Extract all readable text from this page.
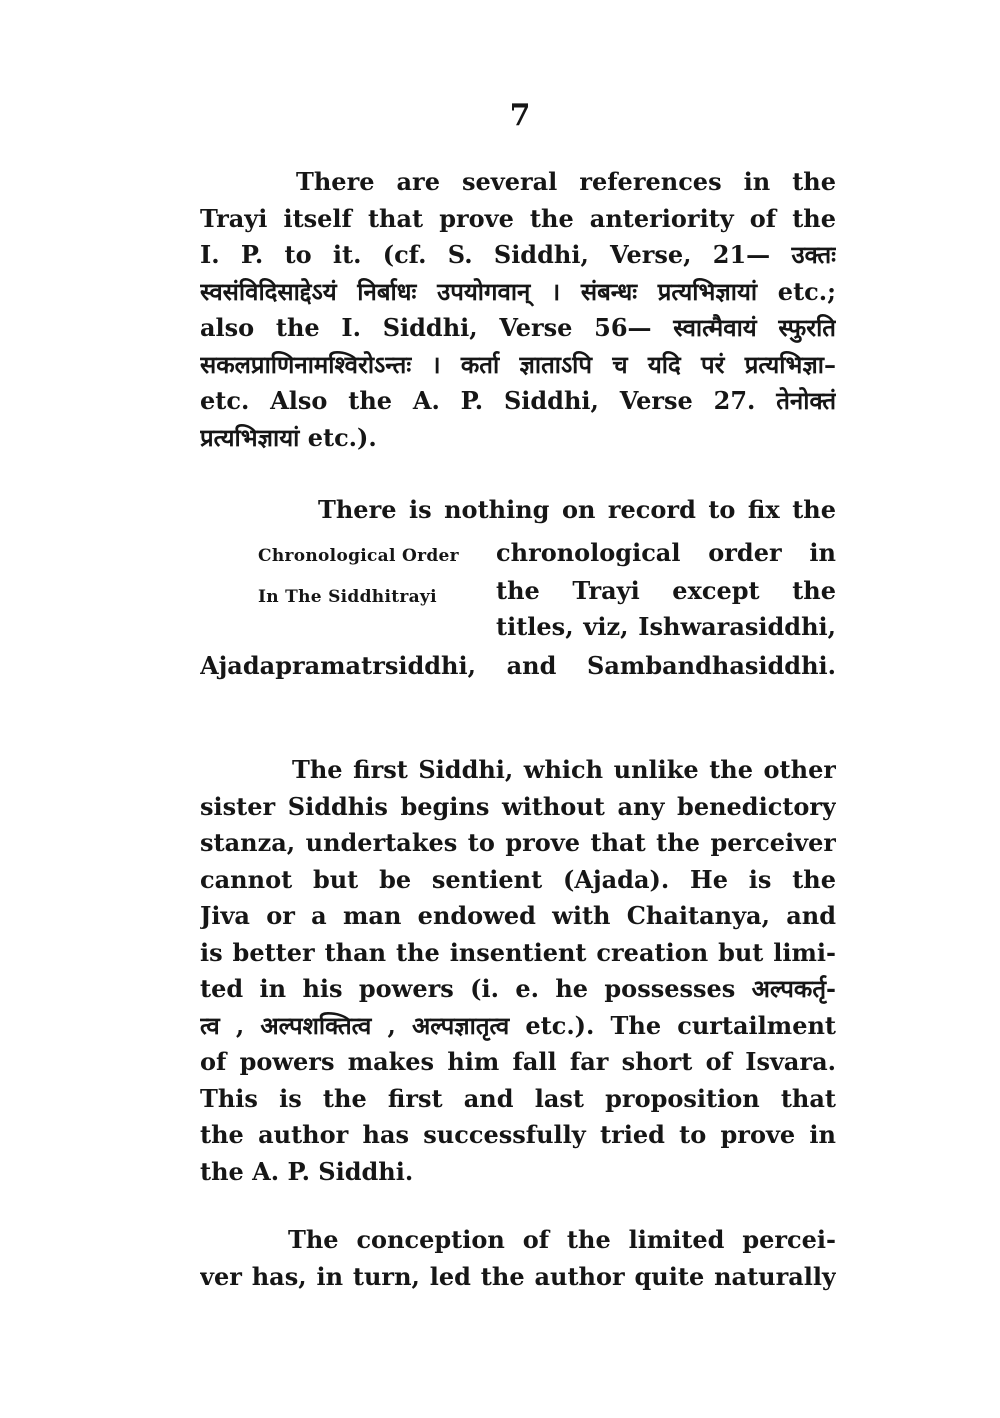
7
There are several references in the
Trayi itself that prove the anteriority of the
I. P. to it. (cf. S. Siddhi, Verse, 21— उक्तः
स्वसंविदिसाद्देऽयं निर्बाधः उपयोगवान् । संबन्धः प्रत्यभिज्ञायां etc.;
also the I. Siddhi, Verse 56— स्वात्मैवायं स्फुरति
सकलप्राणिनामश्विरोऽन्तः । कर्ता ज्ञाताऽपि च यदि परं प्रत्यभिज्ञा–
etc. Also the A. P. Siddhi, Verse 27. तेनोक्तं
प्रत्यभिज्ञायां etc.).
There is nothing on record to fix the
Chronological Order
In The Siddhitrayi
chronological order in
the Trayi except the
titles, viz, Ishwarasiddhi,
Ajadapramatrsiddhi, and Sambandhasiddhi.
The first Siddhi, which unlike the other
sister Siddhis begins without any benedictory
stanza, undertakes to prove that the perceiver
cannot but be sentient (Ajada). He is the
Jiva or a man endowed with Chaitanya, and
is better than the insentient creation but limi-
ted in his powers (i. e. he possesses अल्पकर्तृ-
त्व , अल्पशक्तित्व , अल्पज्ञातृत्व etc.). The curtailment
of powers makes him fall far short of Isvara.
This is the first and last proposition that
the author has successfully tried to prove in
the A. P. Siddhi.
The conception of the limited percei-
ver has, in turn, led the author quite naturally
